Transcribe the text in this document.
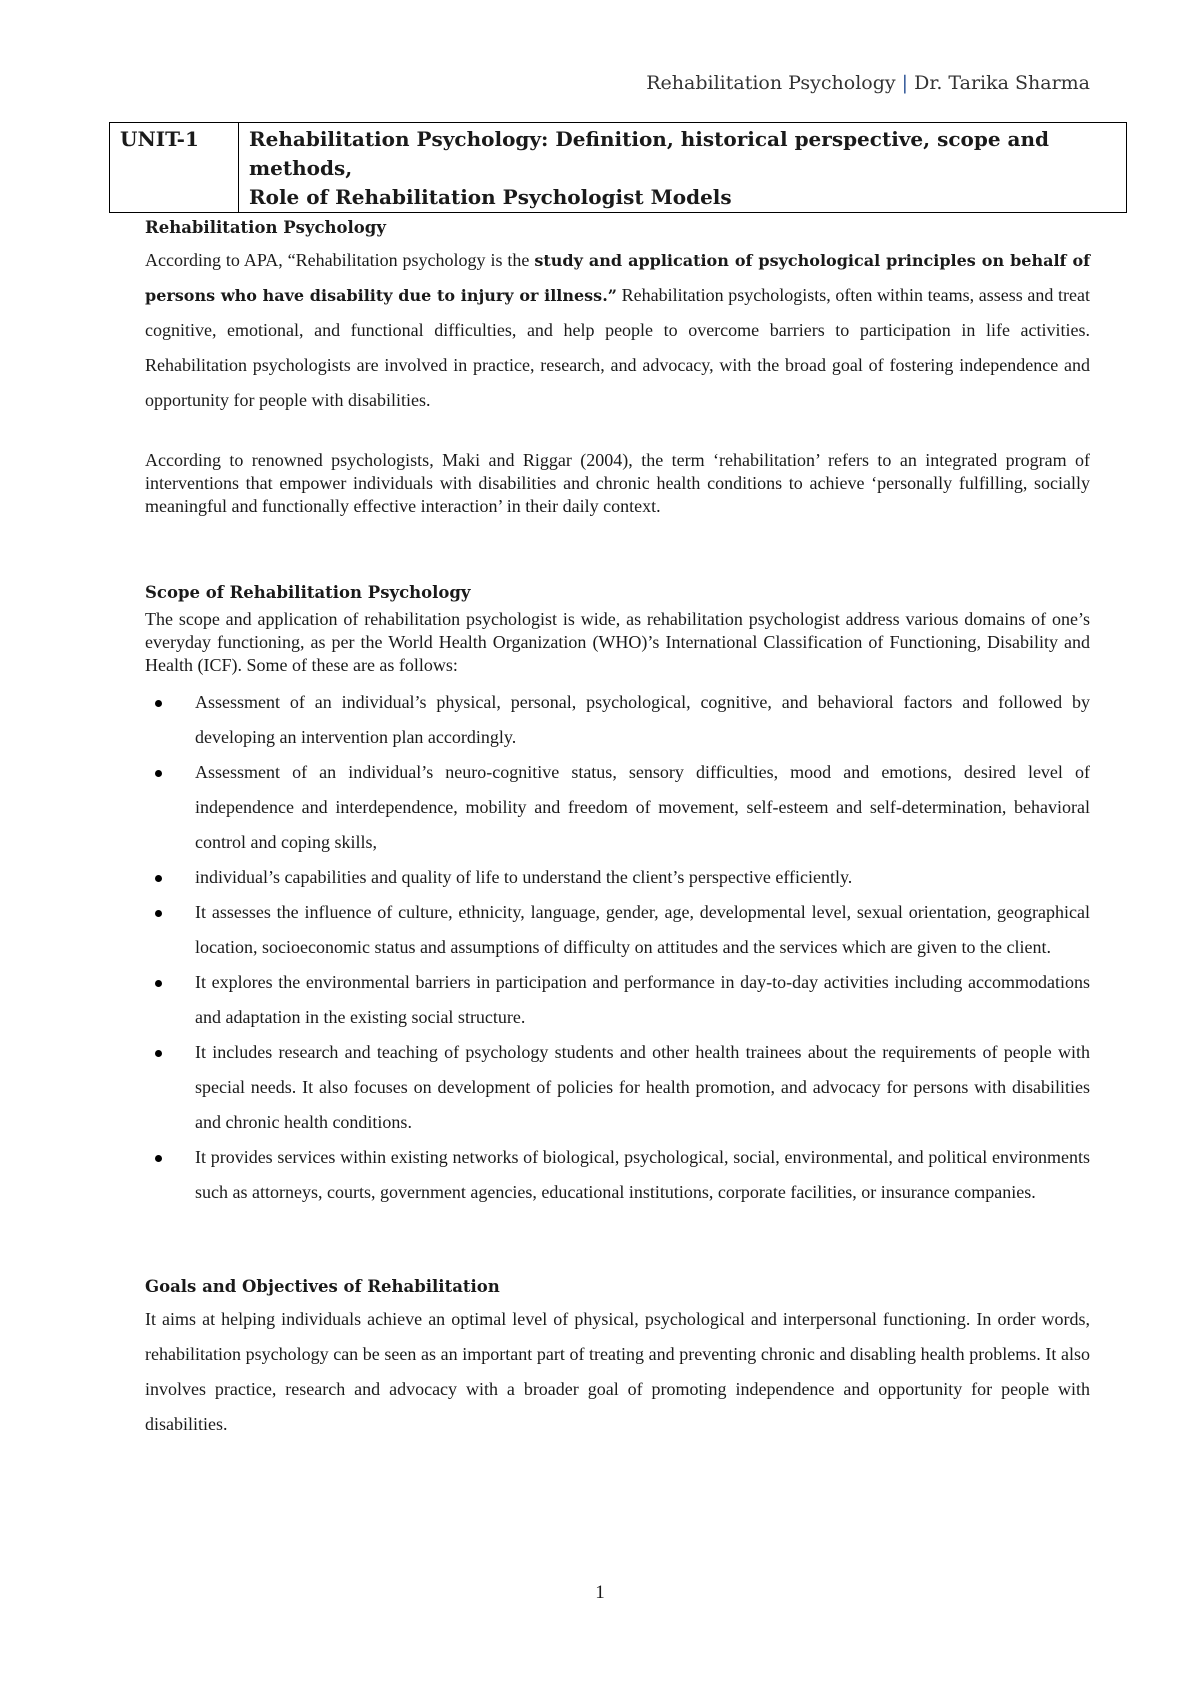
Rehabilitation Psychology | Dr. Tarika Sharma
UNIT-1	Rehabilitation Psychology: Definition, historical perspective, scope and methods,
Role of Rehabilitation Psychologist Models
Rehabilitation Psychology

According to APA, “Rehabilitation psychology is the study and application of psychological principles on behalf of persons who have disability due to injury or illness.” Rehabilitation psychologists, often within teams, assess and treat cognitive, emotional, and functional difficulties, and help people to overcome barriers to participation in life activities. Rehabilitation psychologists are involved in practice, research, and advocacy, with the broad goal of fostering independence and opportunity for people with disabilities.

According to renowned psychologists, Maki and Riggar (2004), the term ‘rehabilitation’ refers to an integrated program of interventions that empower individuals with disabilities and chronic health conditions to achieve ‘personally fulfilling, socially meaningful and functionally effective interaction’ in their daily context.

Scope of Rehabilitation Psychology

The scope and application of rehabilitation psychologist is wide, as rehabilitation psychologist address various domains of one’s everyday functioning, as per the World Health Organization (WHO)’s International Classification of Functioning, Disability and Health (ICF). Some of these are as follows:

Assessment of an individual’s physical, personal, psychological, cognitive, and behavioral factors and followed by developing an intervention plan accordingly.
Assessment of an individual’s neuro-cognitive status, sensory difficulties, mood and emotions, desired level of independence and interdependence, mobility and freedom of movement, self-esteem and self-determination, behavioral control and coping skills,
individual’s capabilities and quality of life to understand the client’s perspective efficiently.
It assesses the influence of culture, ethnicity, language, gender, age, developmental level, sexual orientation, geographical location, socioeconomic status and assumptions of difficulty on attitudes and the services which are given to the client.
It explores the environmental barriers in participation and performance in day-to-day activities including accommodations and adaptation in the existing social structure.
It includes research and teaching of psychology students and other health trainees about the requirements of people with special needs. It also focuses on development of policies for health promotion, and advocacy for persons with disabilities and chronic health conditions.
It provides services within existing networks of biological, psychological, social, environmental, and political environments such as attorneys, courts, government agencies, educational institutions, corporate facilities, or insurance companies.
Goals and Objectives of Rehabilitation

It aims at helping individuals achieve an optimal level of physical, psychological and interpersonal functioning. In order words, rehabilitation psychology can be seen as an important part of treating and preventing chronic and disabling health problems. It also involves practice, research and advocacy with a broader goal of promoting independence and opportunity for people with disabilities.

1
